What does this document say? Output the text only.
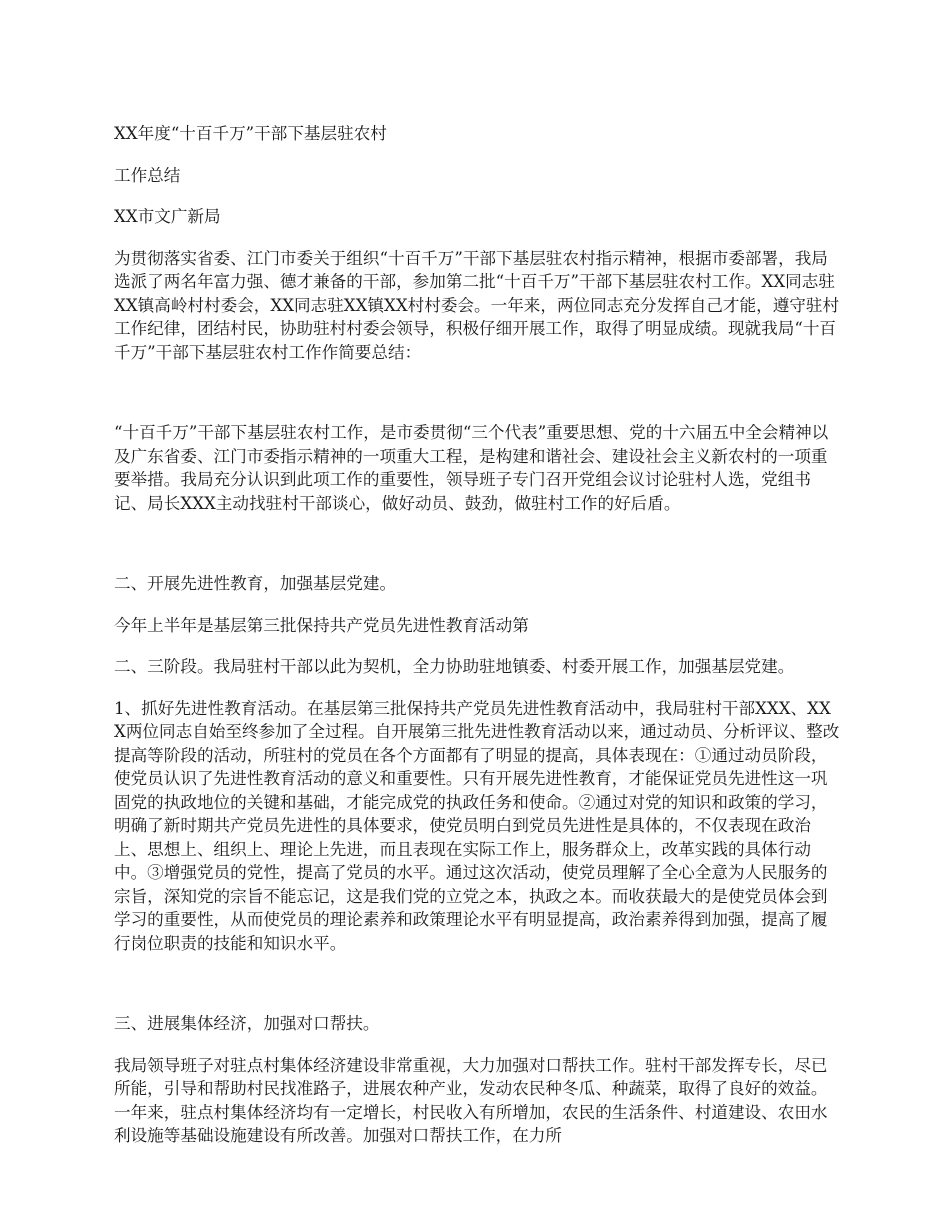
XX年度“十百千万”干部下基层驻农村

工作总结

XX市文广新局

为贯彻落实省委、江门市委关于组织“十百千万”干部下基层驻农村指示精神，根据市委部署，我局选派了两名年富力强、德才兼备的干部，参加第二批“十百千万”干部下基层驻农村工作。XX同志驻XX镇高岭村村委会，XX同志驻XX镇XX村村委会。一年来，两位同志充分发挥自己才能，遵守驻村工作纪律，团结村民，协助驻村村委会领导，积极仔细开展工作，取得了明显成绩。现就我局“十百千万”干部下基层驻农村工作作简要总结：

“十百千万”干部下基层驻农村工作，是市委贯彻“三个代表”重要思想、党的十六届五中全会精神以及广东省委、江门市委指示精神的一项重大工程，是构建和谐社会、建设社会主义新农村的一项重要举措。我局充分认识到此项工作的重要性，领导班子专门召开党组会议讨论驻村人选，党组书记、局长XXX主动找驻村干部谈心，做好动员、鼓劲，做驻村工作的好后盾。

二、开展先进性教育，加强基层党建。

今年上半年是基层第三批保持共产党员先进性教育活动第

二、三阶段。我局驻村干部以此为契机，全力协助驻地镇委、村委开展工作，加强基层党建。

1、抓好先进性教育活动。在基层第三批保持共产党员先进性教育活动中，我局驻村干部XXX、XXX两位同志自始至终参加了全过程。自开展第三批先进性教育活动以来，通过动员、分析评议、整改提高等阶段的活动，所驻村的党员在各个方面都有了明显的提高，具体表现在：①通过动员阶段，使党员认识了先进性教育活动的意义和重要性。只有开展先进性教育，才能保证党员先进性这一巩固党的执政地位的关键和基础，才能完成党的执政任务和使命。②通过对党的知识和政策的学习，明确了新时期共产党员先进性的具体要求，使党员明白到党员先进性是具体的，不仅表现在政治上、思想上、组织上、理论上先进，而且表现在实际工作上，服务群众上，改革实践的具体行动中。③增强党员的党性，提高了党员的水平。通过这次活动，使党员理解了全心全意为人民服务的宗旨，深知党的宗旨不能忘记，这是我们党的立党之本，执政之本。而收获最大的是使党员体会到学习的重要性，从而使党员的理论素养和政策理论水平有明显提高，政治素养得到加强，提高了履行岗位职责的技能和知识水平。

三、进展集体经济，加强对口帮扶。

我局领导班子对驻点村集体经济建设非常重视，大力加强对口帮扶工作。驻村干部发挥专长，尽已所能，引导和帮助村民找准路子，进展农种产业，发动农民种冬瓜、种蔬菜，取得了良好的效益。一年来，驻点村集体经济均有一定增长，村民收入有所增加，农民的生活条件、村道建设、农田水利设施等基础设施建设有所改善。加强对口帮扶工作，在力所
